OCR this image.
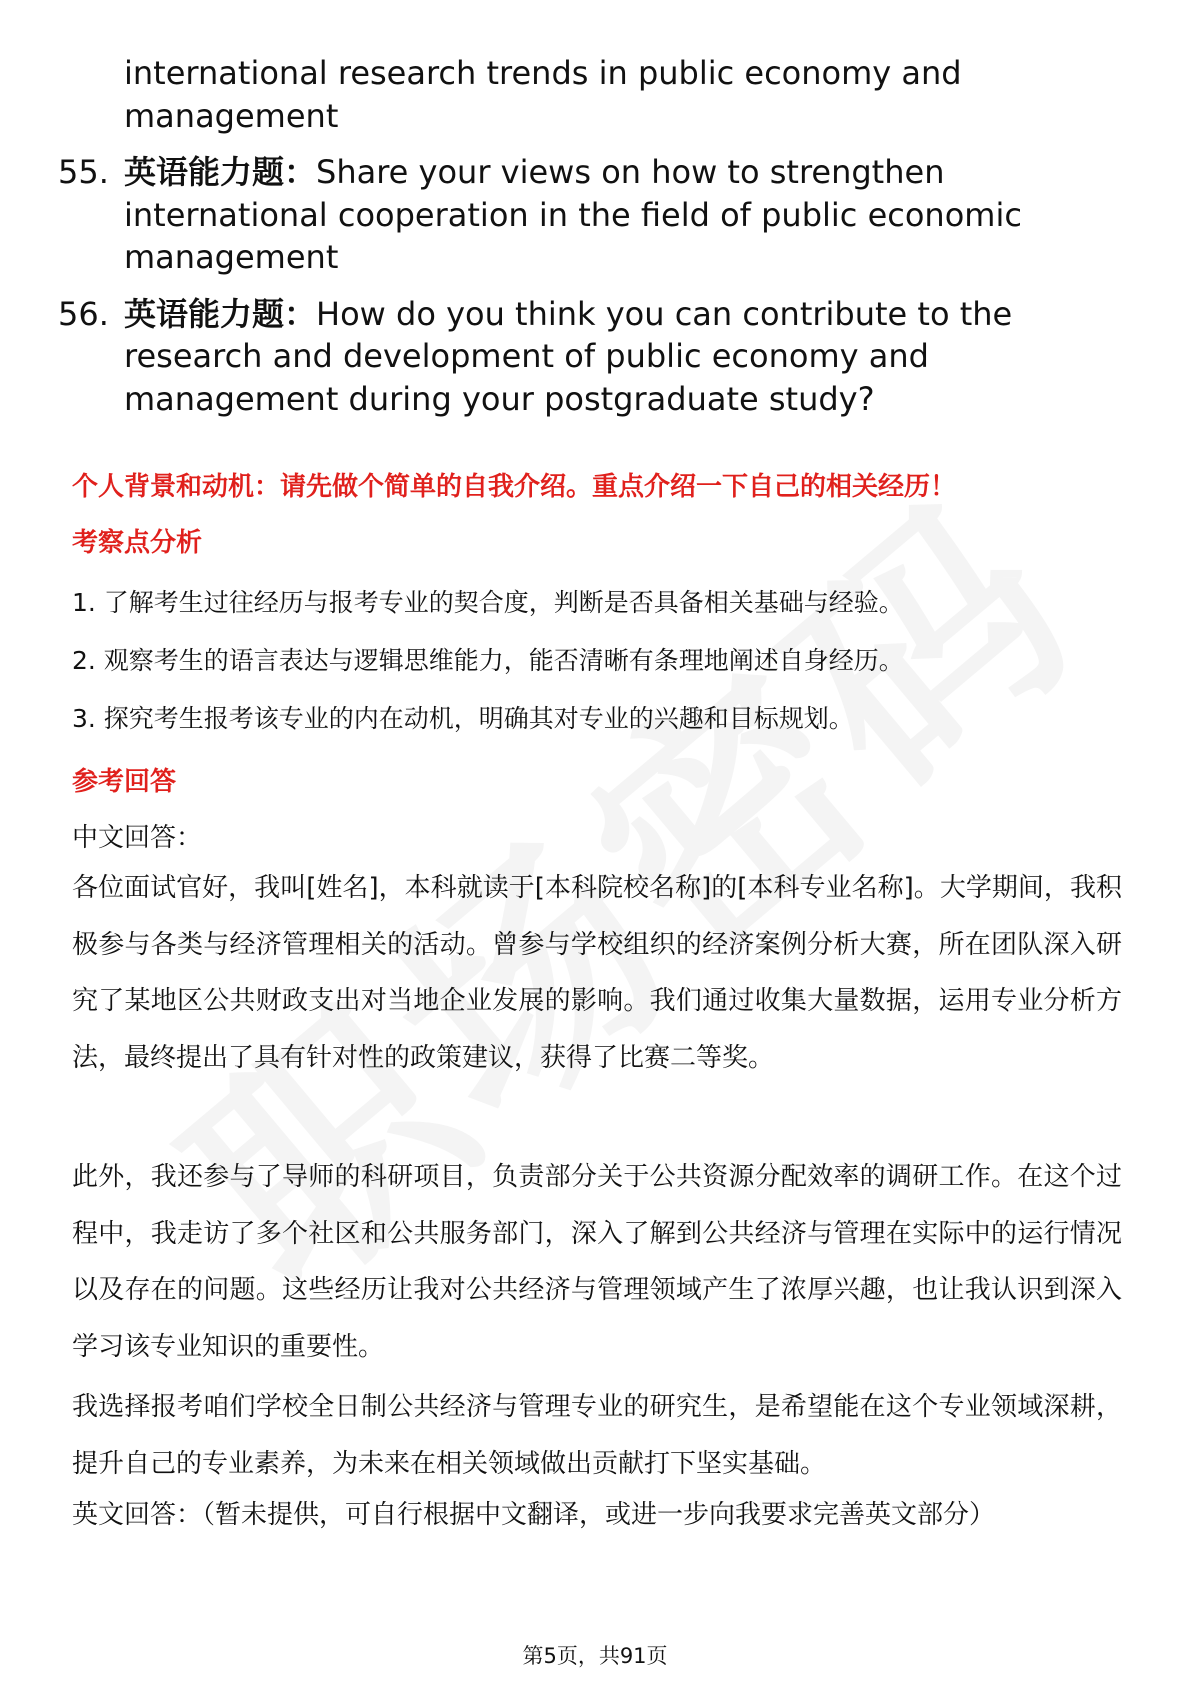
international research trends in public economy and management
55. 英语能力题：Share your views on how to strengthen international cooperation in the field of public economic management
56. 英语能力题：How do you think you can contribute to the research and development of public economy and management during your postgraduate study?
个人背景和动机：请先做个简单的自我介绍。重点介绍一下自己的相关经历！
考察点分析
1. 了解考生过往经历与报考专业的契合度，判断是否具备相关基础与经验。
2. 观察考生的语言表达与逻辑思维能力，能否清晰有条理地阐述自身经历。
3. 探究考生报考该专业的内在动机，明确其对专业的兴趣和目标规划。
参考回答
中文回答：

各位面试官好，我叫[姓名]，本科就读于[本科院校名称]的[本科专业名称]。大学期间，我积极参与各类与经济管理相关的活动。曾参与学校组织的经济案例分析大赛，所在团队深入研究了某地区公共财政支出对当地企业发展的影响。我们通过收集大量数据，运用专业分析方法，最终提出了具有针对性的政策建议，获得了比赛二等奖。

此外，我还参与了导师的科研项目，负责部分关于公共资源分配效率的调研工作。在这个过程中，我走访了多个社区和公共服务部门，深入了解到公共经济与管理在实际中的运行情况以及存在的问题。这些经历让我对公共经济与管理领域产生了浓厚兴趣，也让我认识到深入学习该专业知识的重要性。

我选择报考咱们学校全日制公共经济与管理专业的研究生，是希望能在这个专业领域深耕，提升自己的专业素养，为未来在相关领域做出贡献打下坚实基础。

英文回答：（暂未提供，可自行根据中文翻译，或进一步向我要求完善英文部分）
第5页，共91页
